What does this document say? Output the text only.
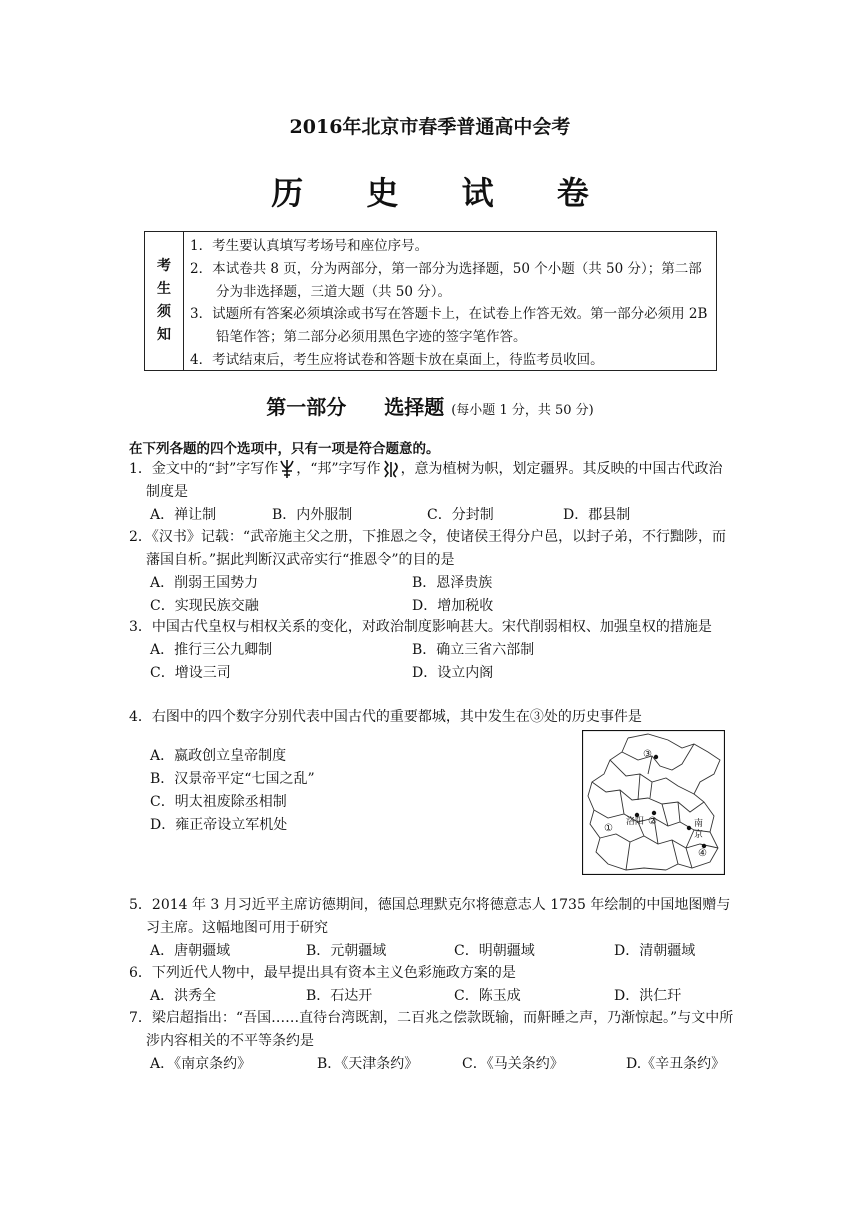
2016年北京市春季普通高中会考
历 史 试 卷
考
生
须
知
1．考生要认真填写考场号和座位序号。
2．本试卷共 8 页，分为两部分，第一部分为选择题，50 个小题（共 50 分）；第二部分为非选择题，三道大题（共 50 分）。
3．试题所有答案必须填涂或书写在答题卡上，在试卷上作答无效。第一部分必须用 2B 铅笔作答；第二部分必须用黑色字迹的签字笔作答。
4．考试结束后，考生应将试卷和答题卡放在桌面上，待监考员收回。
第一部分 选择题 (每小题 1 分，共 50 分)
在下列各题的四个选项中，只有一项是符合题意的。
1．金文中的“封”字写作 ，“邦”字写作 ，意为植树为帜，划定疆界。其反映的中国古代政治制度是
A．禅让制	B．内外服制	C．分封制	D．郡县制
2．《汉书》记载：“武帝施主父之册，下推恩之令，使诸侯王得分户邑，以封子弟，不行黜陟，而藩国自析。”据此判断汉武帝实行“推恩令”的目的是
A．削弱王国势力	B．恩泽贵族
C．实现民族交融	D．增加税收
3．中国古代皇权与相权关系的变化，对政治制度影响甚大。宋代削弱相权、加强皇权的措施是
A．推行三公九卿制	B．确立三省六部制
C．增设三司	D．设立内阁
4．右图中的四个数字分别代表中国古代的重要都城，其中发生在③处的历史事件是
A．嬴政创立皇帝制度
B．汉景帝平定“七国之乱”
C．明太祖废除丞相制
D．雍正帝设立军机处
③
①
洛阳 ②	南
京
④
5．2014 年 3 月习近平主席访德期间，德国总理默克尔将德意志人 1735 年绘制的中国地图赠与习主席。这幅地图可用于研究
A．唐朝疆域	B．元朝疆域	C．明朝疆域	D．清朝疆域
6．下列近代人物中，最早提出具有资本主义色彩施政方案的是
A．洪秀全	B．石达开	C．陈玉成	D．洪仁玕
7．梁启超指出：“吾国……直待台湾既割，二百兆之偿款既输，而鼾睡之声，乃渐惊起。”与文中所涉内容相关的不平等条约是
A．《南京条约》	B．《天津条约》	C．《马关条约》	D.《辛丑条约》
